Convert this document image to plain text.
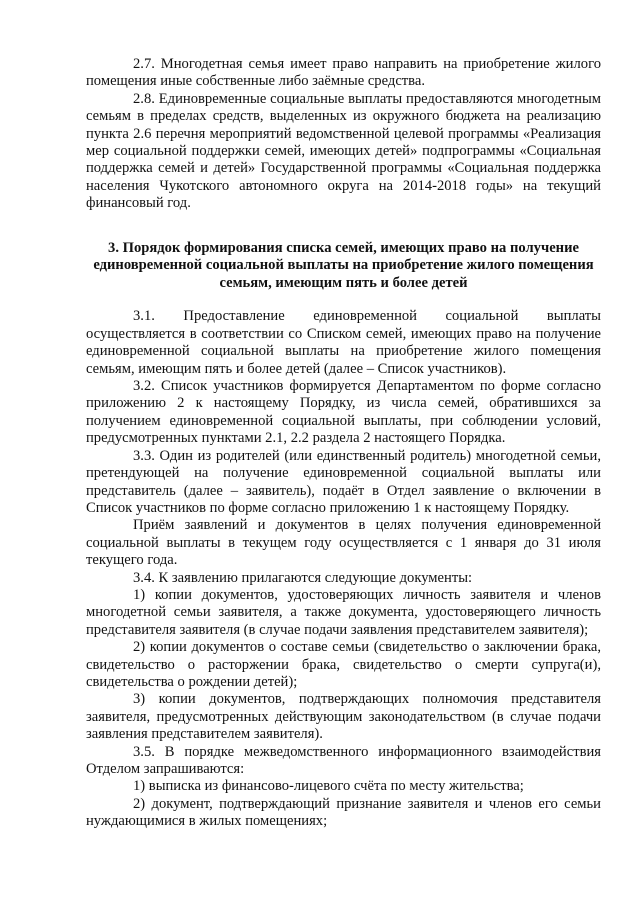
2.7. Многодетная семья имеет право направить на приобретение жилого помещения иные собственные либо заёмные средства.

2.8. Единовременные социальные выплаты предоставляются многодетным семьям в пределах средств, выделенных из окружного бюджета на реализацию пункта 2.6 перечня мероприятий ведомственной целевой программы «Реализация мер социальной поддержки семей, имеющих детей» подпрограммы «Социальная поддержка семей и детей» Государственной программы «Социальная поддержка населения Чукотского автономного округа на 2014-2018 годы» на текущий финансовый год.

3. Порядок формирования списка семей, имеющих право на получение единовременной социальной выплаты на приобретение жилого помещения семьям, имеющим пять и более детей

3.1. Предоставление единовременной социальной выплаты осуществляется в соответствии со Списком семей, имеющих право на получение единовременной социальной выплаты на приобретение жилого помещения семьям, имеющим пять и более детей (далее – Список участников).

3.2. Список участников формируется Департаментом по форме согласно приложению 2 к настоящему Порядку, из числа семей, обратившихся за получением единовременной социальной выплаты, при соблюдении условий, предусмотренных пунктами 2.1, 2.2 раздела 2 настоящего Порядка.

3.3. Один из родителей (или единственный родитель) многодетной семьи, претендующей на получение единовременной социальной выплаты или представитель (далее – заявитель), подаёт в Отдел заявление о включении в Список участников по форме согласно приложению 1 к настоящему Порядку.

Приём заявлений и документов в целях получения единовременной социальной выплаты в текущем году осуществляется с 1 января до 31 июля текущего года.

3.4. К заявлению прилагаются следующие документы:

1) копии документов, удостоверяющих личность заявителя и членов многодетной семьи заявителя, а также документа, удостоверяющего личность представителя заявителя (в случае подачи заявления представителем заявителя);

2) копии документов о составе семьи (свидетельство о заключении брака, свидетельство о расторжении брака, свидетельство о смерти супруга(и), свидетельства о рождении детей);

3) копии документов, подтверждающих полномочия представителя заявителя, предусмотренных действующим законодательством (в случае подачи заявления представителем заявителя).

3.5. В порядке межведомственного информационного взаимодействия Отделом запрашиваются:

1) выписка из финансово-лицевого счёта по месту жительства;

2) документ, подтверждающий признание заявителя и членов его семьи нуждающимися в жилых помещениях;
